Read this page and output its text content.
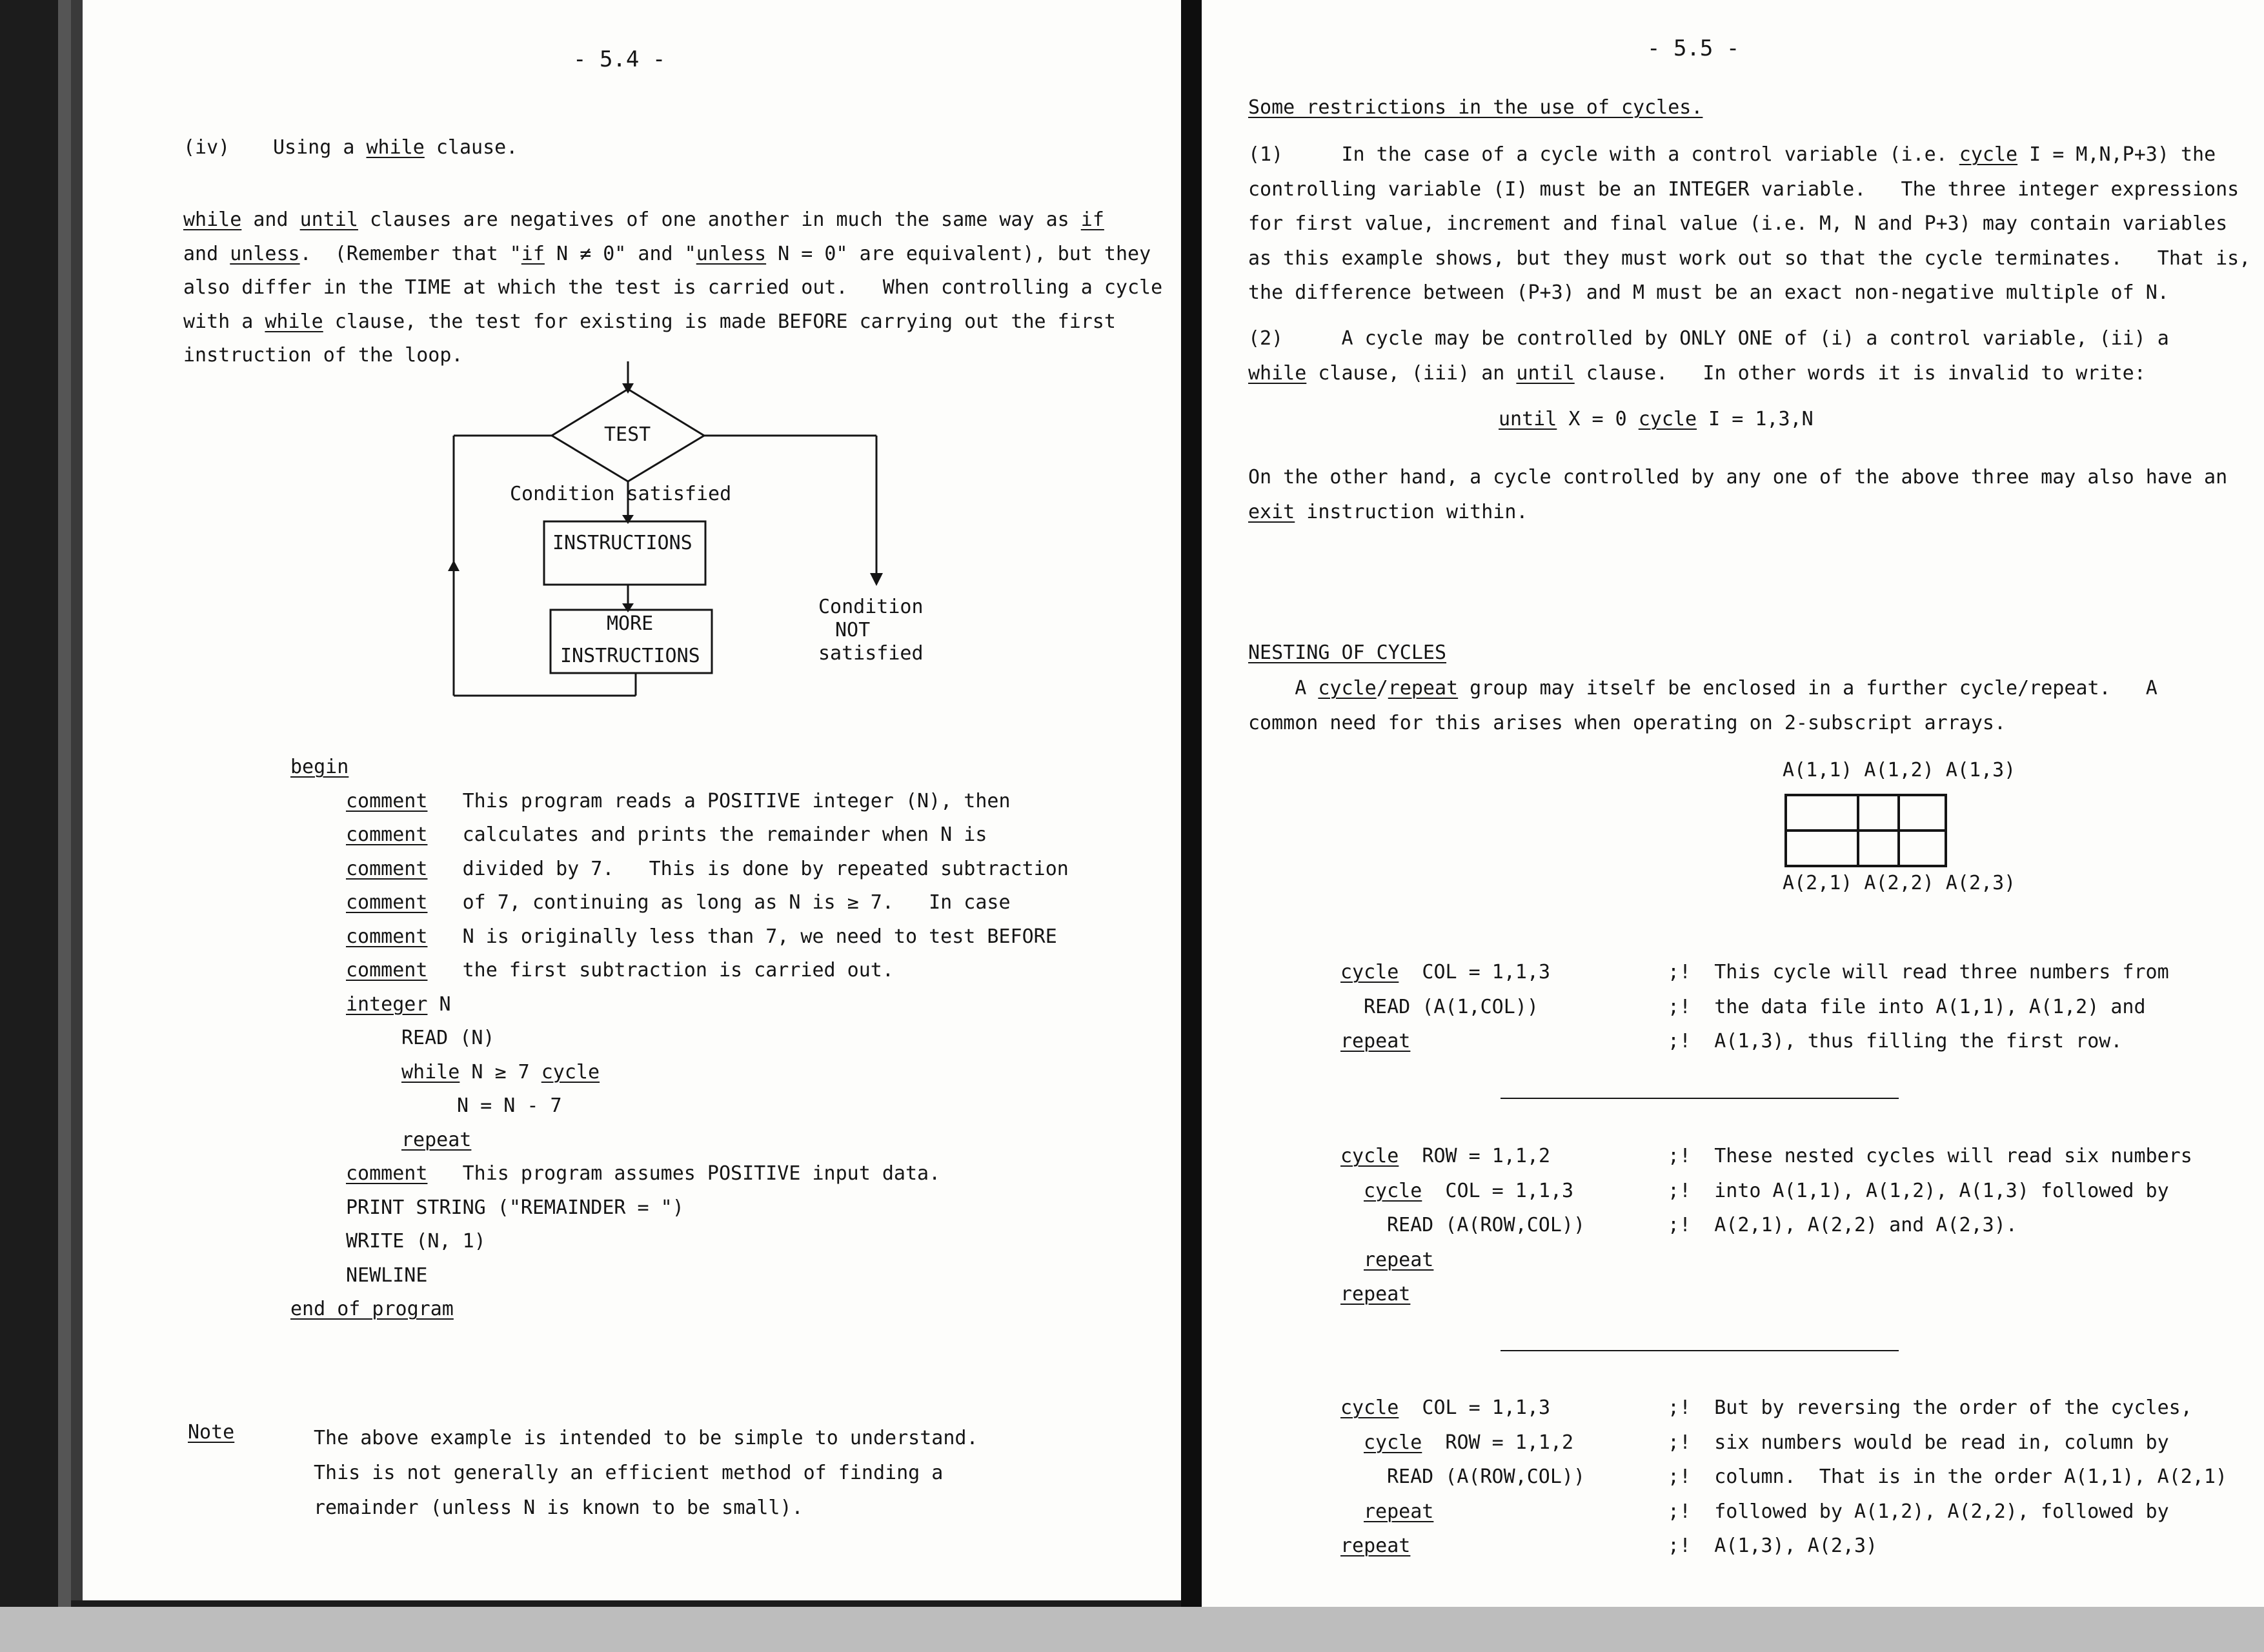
- 5.4 -
(iv) Using a while clause.
while and until clauses are negatives of one another in much the same way as if
and unless.  (Remember that "if N ≠ 0" and "unless N = 0" are equivalent), but they
also differ in the TIME at which the test is carried out.   When controlling a cycle
with a while clause, the test for existing is made BEFORE carrying out the first
instruction of the loop.
TEST
Condition satisfied
INSTRUCTIONS
MORE
INSTRUCTIONS
Condition
NOT
satisfied
begin
comment   This program reads a POSITIVE integer (N), then
comment   calculates and prints the remainder when N is
comment   divided by 7.   This is done by repeated subtraction
comment   of 7, continuing as long as N is ≥ 7.   In case
comment   N is originally less than 7, we need to test BEFORE
comment   the first subtraction is carried out.
integer N
READ (N)
while N ≥ 7 cycle
N = N - 7
repeat
comment   This program assumes POSITIVE input data.
PRINT STRING ("REMAINDER = ")
WRITE (N, 1)
NEWLINE
end of program
Note	The above example is intended to be simple to understand.
This is not generally an efficient method of finding a
remainder (unless N is known to be small).
- 5.5 -
Some restrictions in the use of cycles.
(1)     In the case of a cycle with a control variable (i.e. cycle I = M,N,P+3) the
controlling variable (I) must be an INTEGER variable.   The three integer expressions
for first value, increment and final value (i.e. M, N and P+3) may contain variables
as this example shows, but they must work out so that the cycle terminates.   That is,
the difference between (P+3) and M must be an exact non-negative multiple of N.
(2)     A cycle may be controlled by ONLY ONE of (i) a control variable, (ii) a
while clause, (iii) an until clause.   In other words it is invalid to write:
until X = 0 cycle I = 1,3,N
On the other hand, a cycle controlled by any one of the above three may also have an
exit instruction within.
NESTING OF CYCLES
A cycle/repeat group may itself be enclosed in a further cycle/repeat.   A
common need for this arises when operating on 2-subscript arrays.
A(1,1) A(1,2) A(1,3)
A(2,1) A(2,2) A(2,3)
cycle  COL = 1,1,3
READ (A(1,COL))
repeat
;!  This cycle will read three numbers from
;!  the data file into A(1,1), A(1,2) and
;!  A(1,3), thus filling the first row.
cycle  ROW = 1,1,2
cycle  COL = 1,1,3
READ (A(ROW,COL))
repeat
repeat
;!  These nested cycles will read six numbers
;!  into A(1,1), A(1,2), A(1,3) followed by
;!  A(2,1), A(2,2) and A(2,3).
cycle  COL = 1,1,3
cycle  ROW = 1,1,2
READ (A(ROW,COL))
repeat
repeat
;!  But by reversing the order of the cycles,
;!  six numbers would be read in, column by
;!  column.  That is in the order A(1,1), A(2,1)
;!  followed by A(1,2), A(2,2), followed by
;!  A(1,3), A(2,3)
